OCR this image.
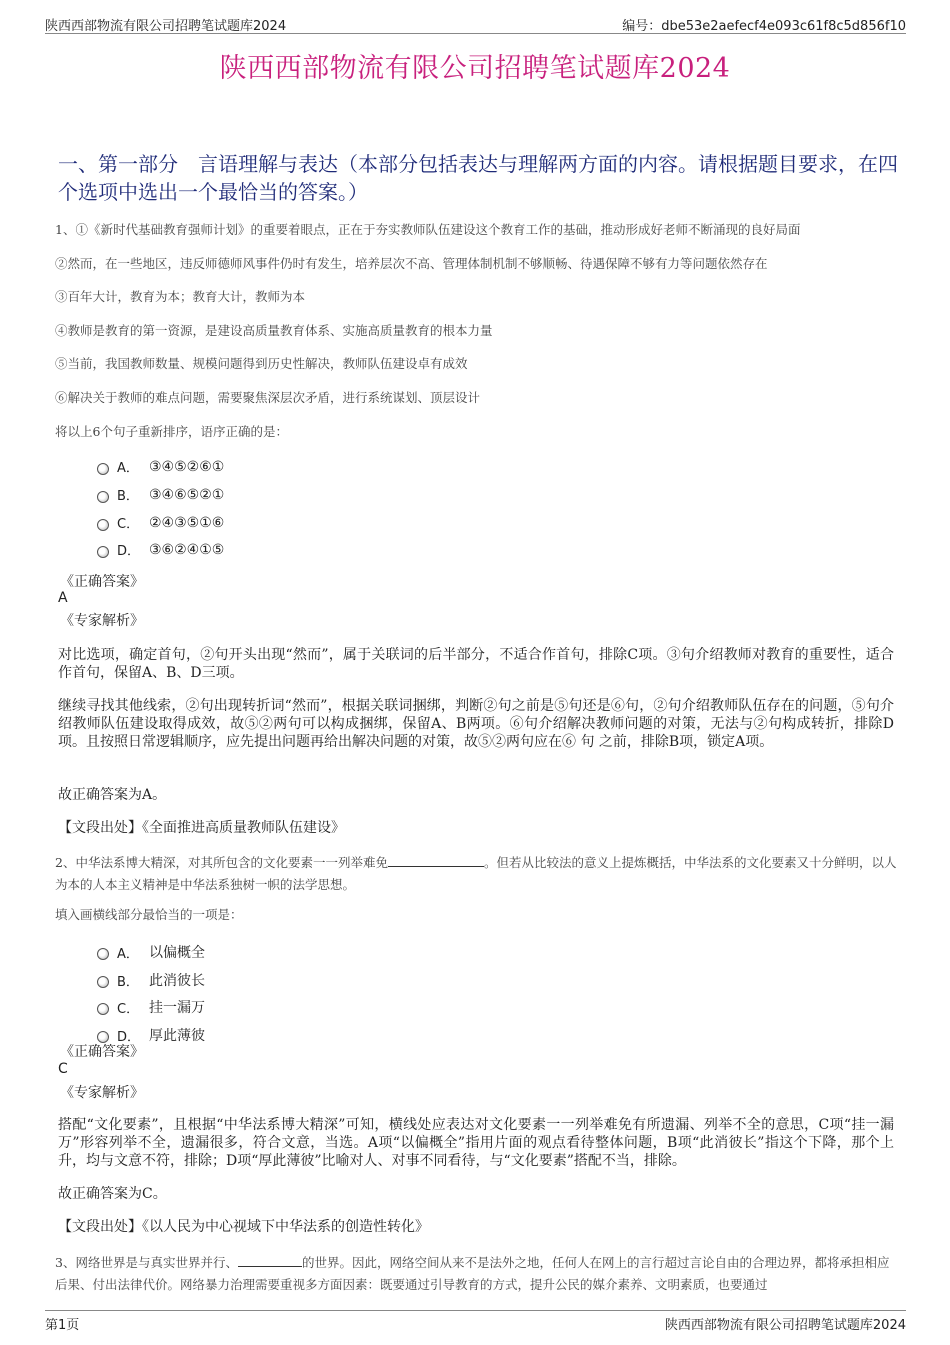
陕西西部物流有限公司招聘笔试题库2024	编号：dbe53e2aefecf4e093c61f8c5d856f10
陕西西部物流有限公司招聘笔试题库2024
一、第一部分　言语理解与表达（本部分包括表达与理解两方面的内容。请根据题目要求，在四个选项中选出一个最恰当的答案。）
1、①《新时代基础教育强师计划》的重要着眼点，正在于夯实教师队伍建设这个教育工作的基础，推动形成好老师不断涌现的良好局面
②然而，在一些地区，违反师德师风事件仍时有发生，培养层次不高、管理体制机制不够顺畅、待遇保障不够有力等问题依然存在
③百年大计，教育为本；教育大计，教师为本
④教师是教育的第一资源，是建设高质量教育体系、实施高质量教育的根本力量
⑤当前，我国教师数量、规模问题得到历史性解决，教师队伍建设卓有成效
⑥解决关于教师的难点问题，需要聚焦深层次矛盾，进行系统谋划、顶层设计
将以上6个句子重新排序，语序正确的是：
A． ③④⑤②⑥①
B． ③④⑥⑤②①
C． ②④③⑤①⑥
D． ③⑥②④①⑤
《正确答案》
A
《专家解析》
对比选项，确定首句，②句开头出现“然而”，属于关联词的后半部分，不适合作首句，排除C项。③句介绍教师对教育的重要性，适合作首句，保留A、B、D三项。
继续寻找其他线索，②句出现转折词“然而”，根据关联词捆绑，判断②句之前是⑤句还是⑥句，②句介绍教师队伍存在的问题，⑤句介绍教师队伍建设取得成效，故⑤②两句可以构成捆绑，保留A、B两项。⑥句介绍解决教师问题的对策，无法与②句构成转折，排除D项。且按照日常逻辑顺序，应先提出问题再给出解决问题的对策，故⑤②两句应在⑥ 句 之前，排除B项，锁定A项。
故正确答案为A。
【文段出处】《全面推进高质量教师队伍建设》
2、中华法系博大精深，对其所包含的文化要素一一列举难免	。但若从比较法的意义上提炼概括，中华法系的文化要素又十分鲜明，以人为本的人本主义精神是中华法系独树一帜的法学思想。
填入画横线部分最恰当的一项是：
A． 以偏概全
B． 此消彼长
C． 挂一漏万
D． 厚此薄彼
《正确答案》
C
《专家解析》
搭配“文化要素”，且根据“中华法系博大精深”可知，横线处应表达对文化要素一一列举难免有所遗漏、列举不全的意思，C项“挂一漏万”形容列举不全，遗漏很多，符合文意，当选。A项“以偏概全”指用片面的观点看待整体问题，B项“此消彼长”指这个下降，那个上升，均与文意不符，排除；D项“厚此薄彼”比喻对人、对事不同看待，与“文化要素”搭配不当，排除。
故正确答案为C。
【文段出处】《以人民为中心视域下中华法系的创造性转化》
3、网络世界是与真实世界并行、	的世界。因此，网络空间从来不是法外之地，任何人在网上的言行超过言论自由的合理边界，都将承担相应后果、付出法律代价。网络暴力治理需要重视多方面因素：既要通过引导教育的方式，提升公民的媒介素养、文明素质，也要通过
第1页	陕西西部物流有限公司招聘笔试题库2024
